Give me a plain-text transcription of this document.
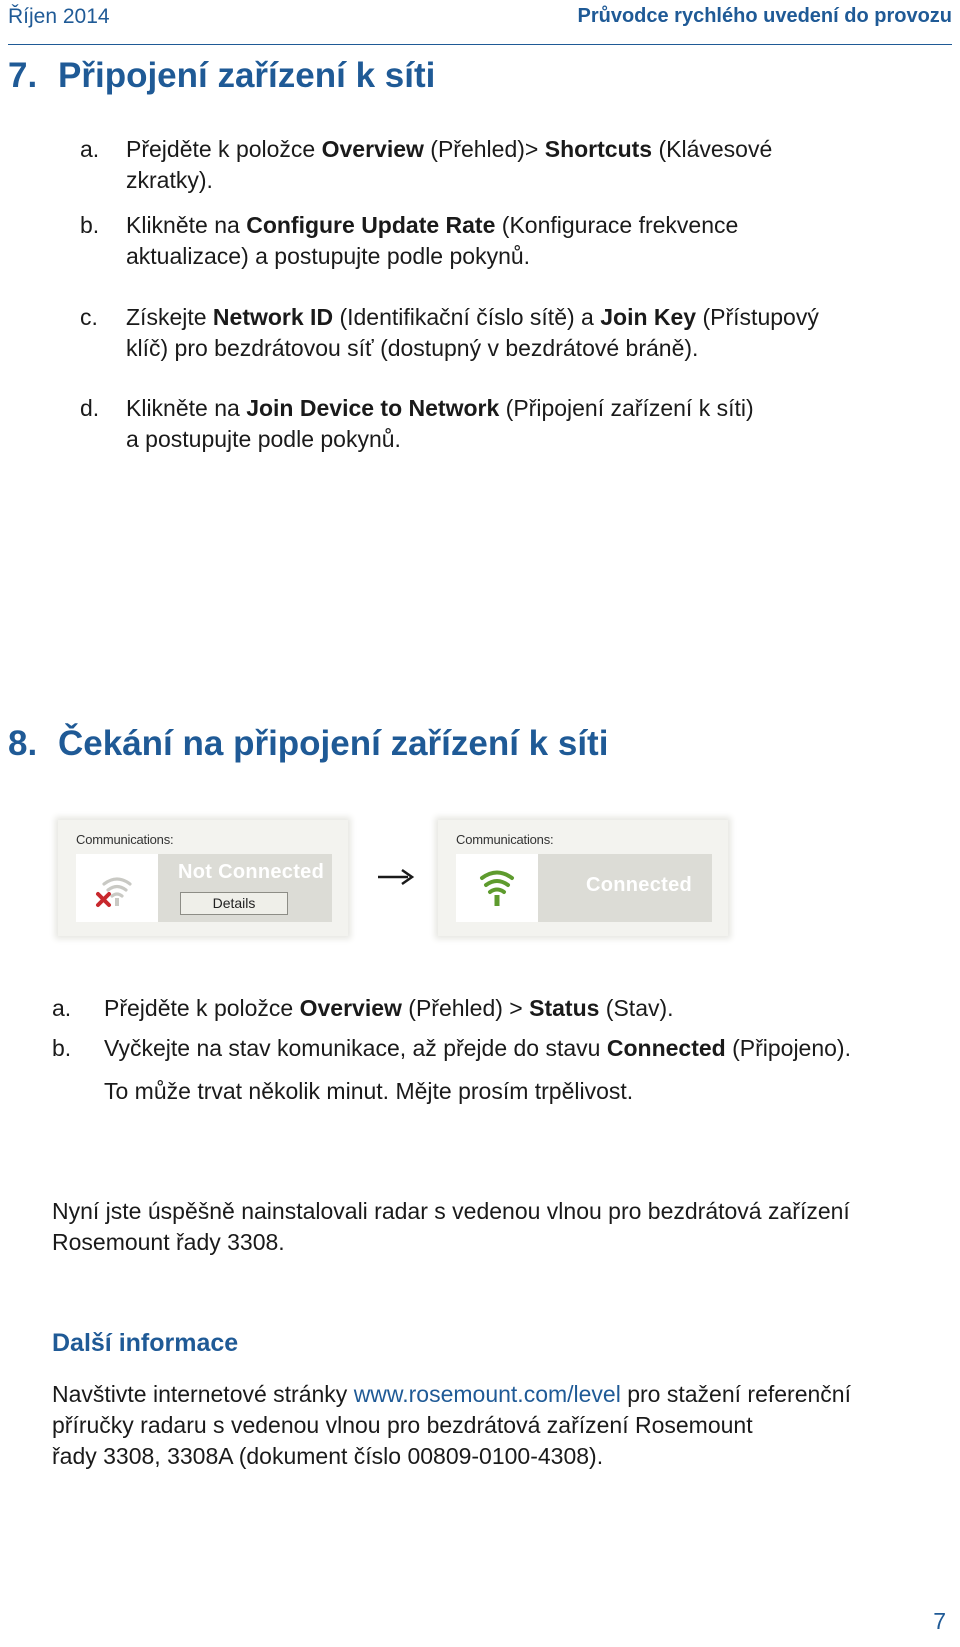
Říjen 2014	Průvodce rychlého uvedení do provozu
7. Připojení zařízení k síti
a. Přejděte k položce Overview (Přehled)> Shortcuts (Klávesové
zkratky).
b. Klikněte na Configure Update Rate (Konfigurace frekvence
aktualizace) a postupujte podle pokynů.
c. Získejte Network ID (Identifikační číslo sítě) a Join Key (Přístupový
klíč) pro bezdrátovou síť (dostupný v bezdrátové bráně).
d. Klikněte na Join Device to Network (Připojení zařízení k síti)
a postupujte podle pokynů.
8. Čekání na připojení zařízení k síti
Communications:
Not Connected
Details
Communications:
Connected
a. Přejděte k položce Overview (Přehled) > Status (Stav).
b. Vyčkejte na stav komunikace, až přejde do stavu Connected (Připojeno).
To může trvat několik minut. Mějte prosím trpělivost.
Nyní jste úspěšně nainstalovali radar s vedenou vlnou pro bezdrátová zařízení
Rosemount řady 3308.
Další informace
Navštivte internetové stránky www.rosemount.com/level pro stažení referenční
příručky radaru s vedenou vlnou pro bezdrátová zařízení Rosemount
řady 3308, 3308A (dokument číslo 00809-0100-4308).
7
